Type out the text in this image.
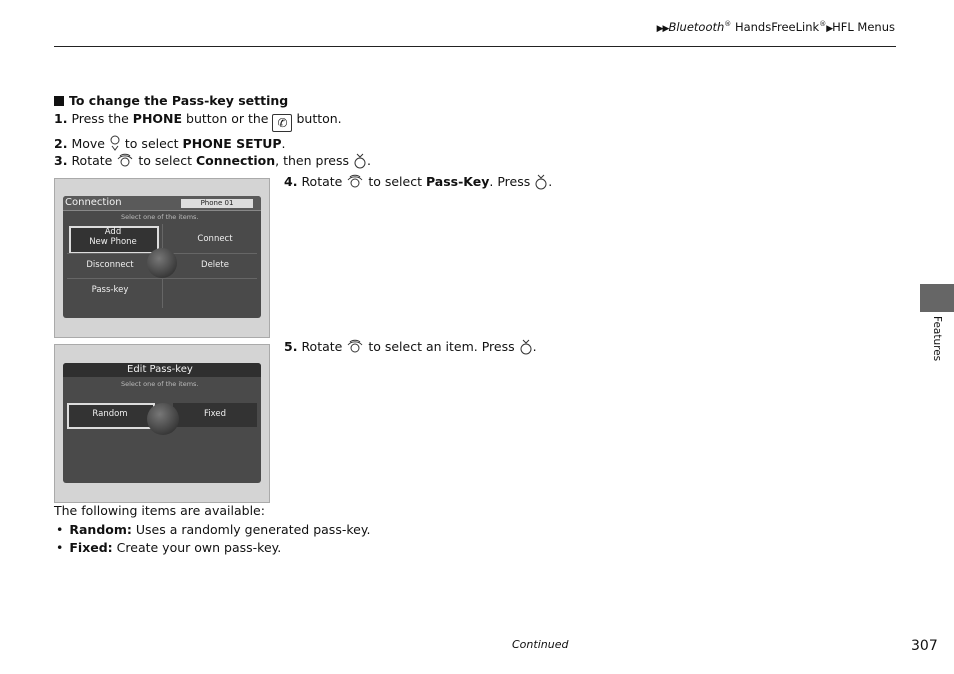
▶▶Bluetooth® HandsFreeLink®▶HFL Menus
To change the Pass-key setting
1. Press the PHONE button or the ✆ button.
2. Move  to select PHONE SETUP.
3. Rotate  to select Connection, then press .
Connection	Phone 01
Select one of the items.
Add
New Phone	Connect
Disconnect	Delete
Pass-key
4. Rotate  to select Pass-Key. Press .
Edit Pass-key
Select one of the items.
Random	Fixed
5. Rotate  to select an item. Press .
The following items are available:
• Random: Uses a randomly generated pass-key.
• Fixed: Create your own pass-key.
Continued	307
Features
